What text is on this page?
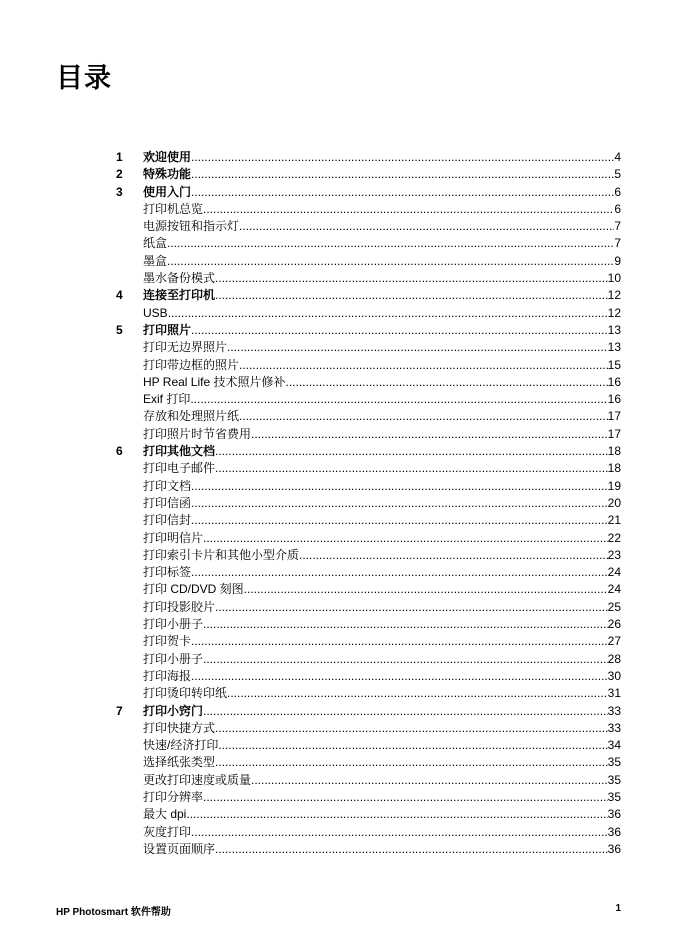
目录
1	欢迎使用 .....	4
2	特殊功能 .....	5
3	使用入门 .....	6
打印机总览 .....	6
电源按钮和指示灯 .....	7
纸盒 .....	7
墨盒 .....	9
墨水备份模式 .....	10
4	连接至打印机 .....	12
USB .....	12
5	打印照片 .....	13
打印无边界照片 .....	13
打印带边框的照片 .....	15
HP Real Life 技术照片修补 .....	16
Exif 打印 .....	16
存放和处理照片纸 .....	17
打印照片时节省费用 .....	17
6	打印其他文档 .....	18
打印电子邮件 .....	18
打印文档 .....	19
打印信函 .....	20
打印信封 .....	21
打印明信片 .....	22
打印索引卡片和其他小型介质 .....	23
打印标签 .....	24
打印 CD/DVD 刻图 .....	24
打印投影胶片 .....	25
打印小册子 .....	26
打印贺卡 .....	27
打印小册子 .....	28
打印海报 .....	30
打印烫印转印纸 .....	31
7	打印小窍门 .....	33
打印快捷方式 .....	33
快速/经济打印 .....	34
选择纸张类型 .....	35
更改打印速度或质量 .....	35
打印分辨率 .....	35
最大 dpi .....	36
灰度打印 .....	36
设置页面顺序 .....	36
HP Photosmart 软件帮助	1
